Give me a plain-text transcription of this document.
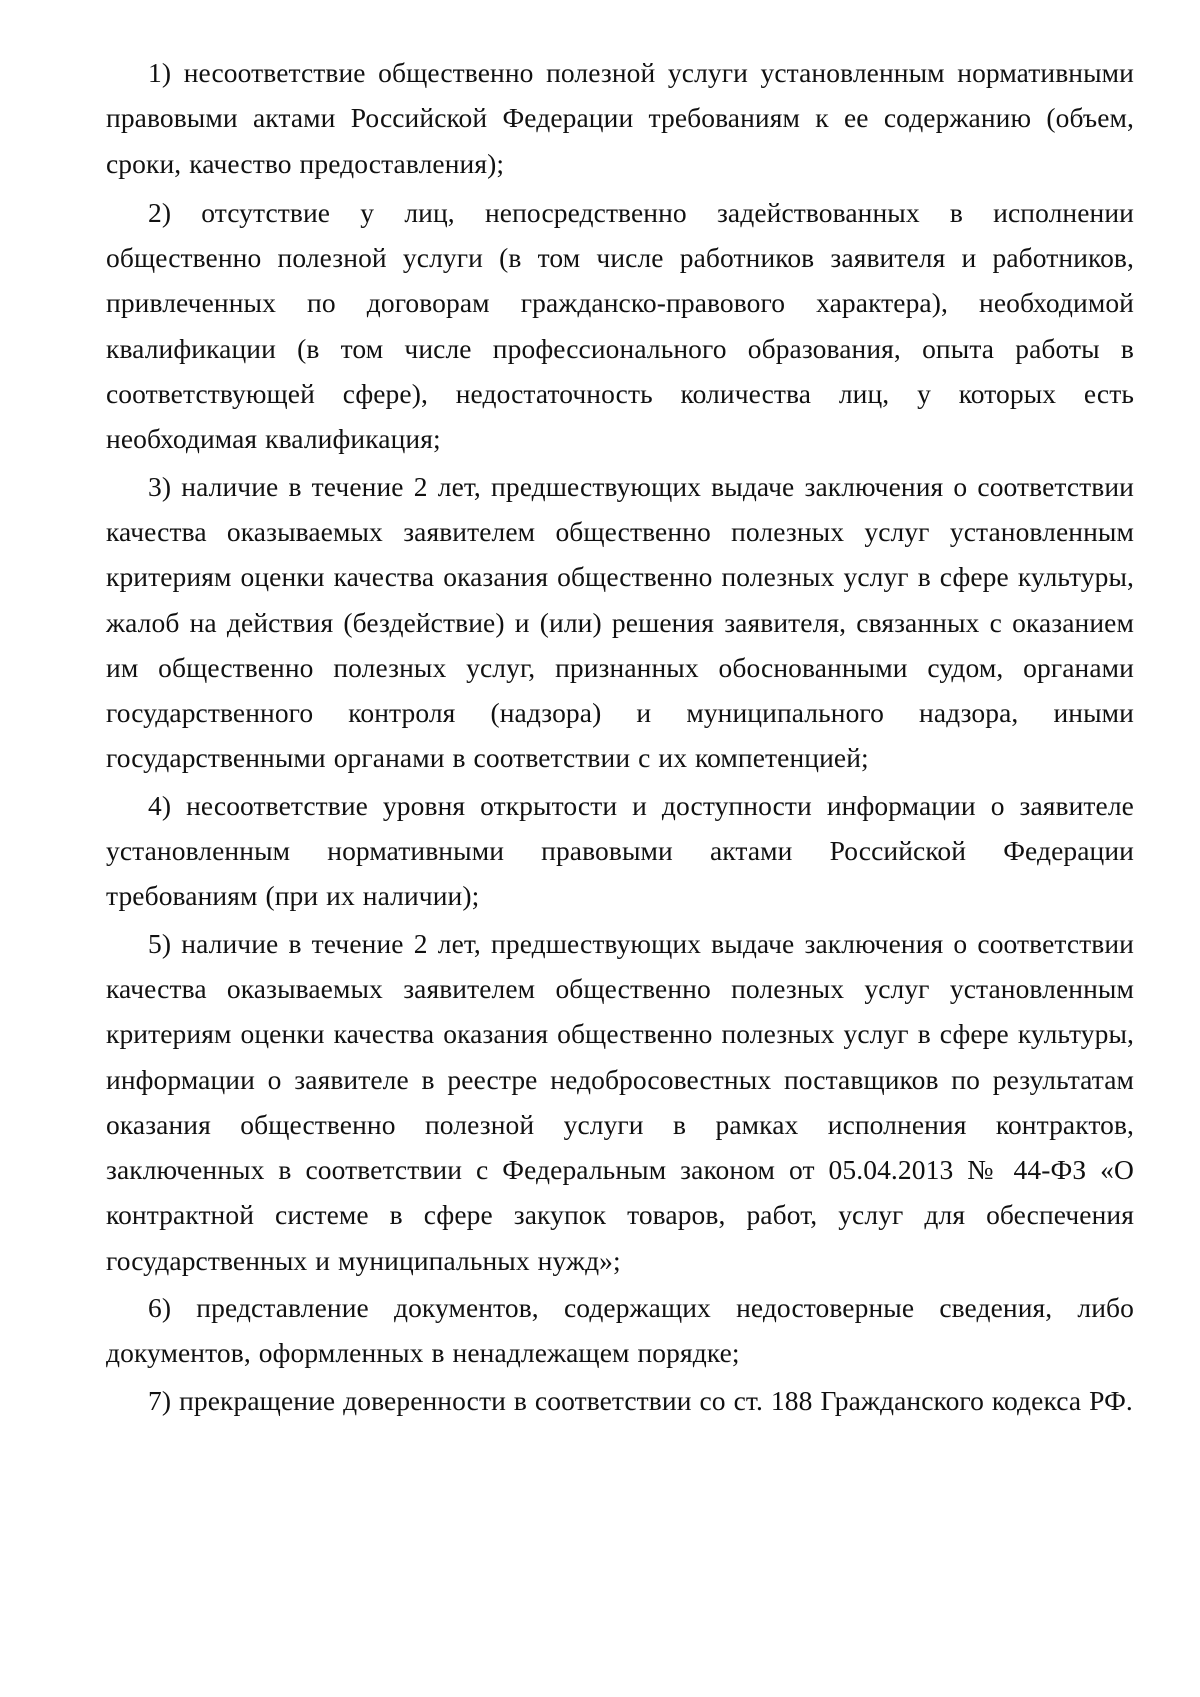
1) несоответствие общественно полезной услуги установленным нормативными правовыми актами Российской Федерации требованиям к ее содержанию (объем, сроки, качество предоставления);

2) отсутствие у лиц, непосредственно задействованных в исполнении общественно полезной услуги (в том числе работников заявителя и работников, привлеченных по договорам гражданско-правового характера), необходимой квалификации (в том числе профессионального образования, опыта работы в соответствующей сфере), недостаточность количества лиц, у которых есть необходимая квалификация;

3) наличие в течение 2 лет, предшествующих выдаче заключения о соответствии качества оказываемых заявителем общественно полезных услуг установленным критериям оценки качества оказания общественно полезных услуг в сфере культуры, жалоб на действия (бездействие) и (или) решения заявителя, связанных с оказанием им общественно полезных услуг, признанных обоснованными судом, органами государственного контроля (надзора) и муниципального надзора, иными государственными органами в соответствии с их компетенцией;

4) несоответствие уровня открытости и доступности информации о заявителе установленным нормативными правовыми актами Российской Федерации требованиям (при их наличии);

5) наличие в течение 2 лет, предшествующих выдаче заключения о соответствии качества оказываемых заявителем общественно полезных услуг установленным критериям оценки качества оказания общественно полезных услуг в сфере культуры, информации о заявителе в реестре недобросовестных поставщиков по результатам оказания общественно полезной услуги в рамках исполнения контрактов, заключенных в соответствии с Федеральным законом от 05.04.2013 № 44-ФЗ «О контрактной системе в сфере закупок товаров, работ, услуг для обеспечения государственных и муниципальных нужд»;

6) представление документов, содержащих недостоверные сведения, либо документов, оформленных в ненадлежащем порядке;

7) прекращение доверенности в соответствии со ст. 188 Гражданского кодекса РФ.
